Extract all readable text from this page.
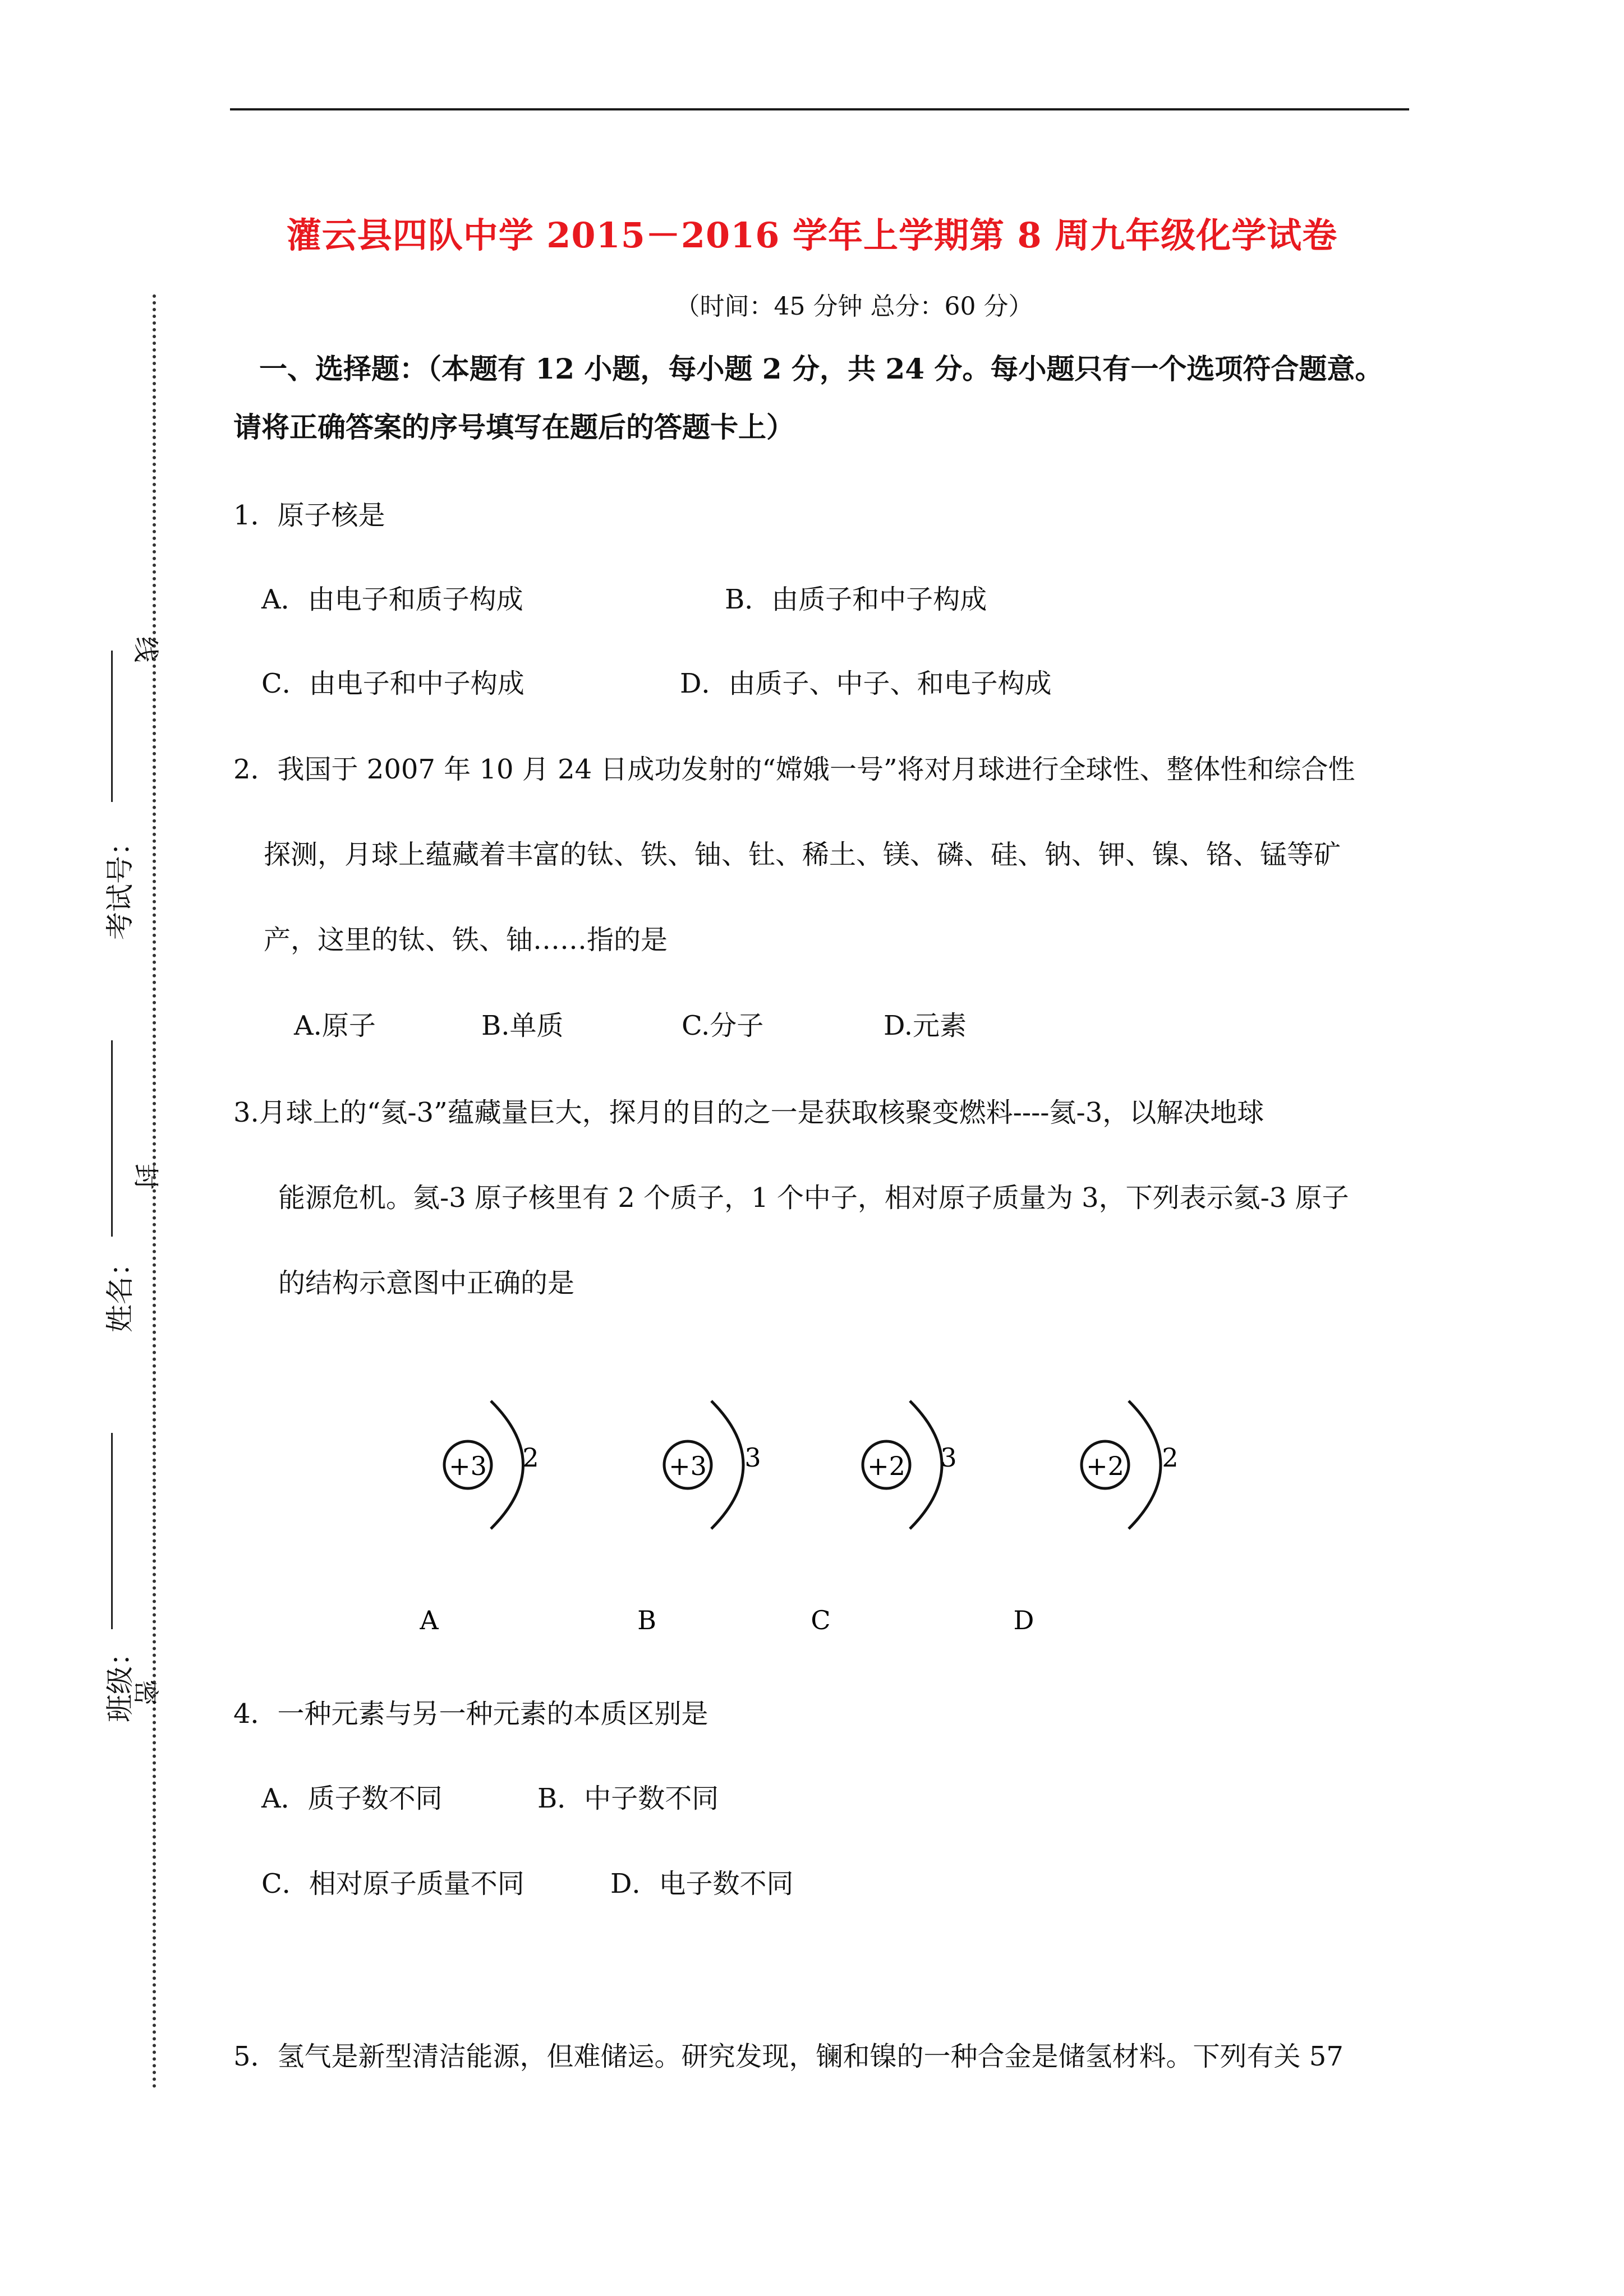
考试号：
姓名：
班级：
线
封
密
灌云县四队中学 2015－2016 学年上学期第 8 周九年级化学试卷
（时间：45 分钟 总分：60 分）
一、选择题：（本题有 12 小题，每小题 2 分，共 24 分。每小题只有一个选项符合题意。
请将正确答案的序号填写在题后的答题卡上）
1．原子核是
A．由电子和质子构成	B．由质子和中子构成
C．由电子和中子构成	D．由质子、中子、和电子构成
2．我国于 2007 年 10 月 24 日成功发射的“嫦娥一号”将对月球进行全球性、整体性和综合性
探测，月球上蕴藏着丰富的钛、铁、铀、钍、稀土、镁、磷、硅、钠、钾、镍、铬、锰等矿
产，这里的钛、铁、铀……指的是
A.原子	B.单质	C.分子	D.元素
3.月球上的“氦-3”蕴藏量巨大，探月的目的之一是获取核聚变燃料----氦-3，以解决地球
能源危机。氦-3 原子核里有 2 个质子，1 个中子，相对原子质量为 3，下列表示氦-3 原子
的结构示意图中正确的是
+3 2
A
+3 3
B
+2 3
C
+2 2
D
4．一种元素与另一种元素的本质区别是
A．质子数不同	B．中子数不同
C．相对原子质量不同	D．电子数不同
5．氢气是新型清洁能源，但难储运。研究发现，镧和镍的一种合金是储氢材料。下列有关 57
